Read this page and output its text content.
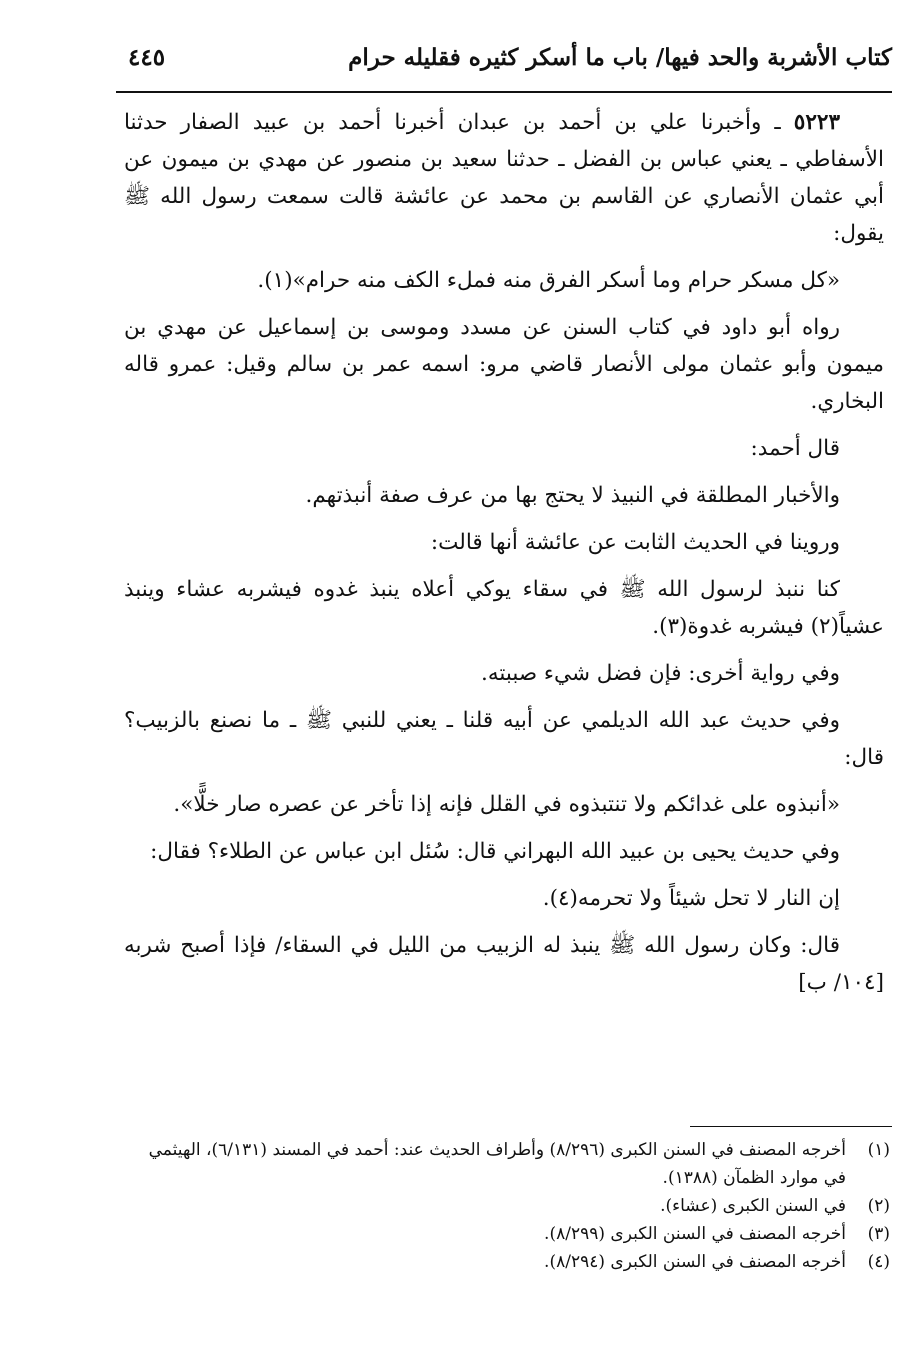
كتاب الأشربة والحد فيها/ باب ما أسكر كثيره فقليله حرام
٤٤٥

٥٢٢٣ ـ وأخبرنا علي بن أحمد بن عبدان أخبرنا أحمد بن عبيد الصفار حدثنا الأسفاطي ـ يعني عباس بن الفضل ـ حدثنا سعيد بن منصور عن مهدي بن ميمون عن أبي عثمان الأنصاري عن القاسم بن محمد عن عائشة قالت سمعت رسول الله ﷺ يقول:

«كل مسكر حرام وما أسكر الفرق منه فملء الكف منه حرام»(١).

رواه أبو داود في كتاب السنن عن مسدد وموسى بن إسماعيل عن مهدي بن ميمون وأبو عثمان مولى الأنصار قاضي مرو: اسمه عمر بن سالم وقيل: عمرو قاله البخاري.

قال أحمد:

والأخبار المطلقة في النبيذ لا يحتج بها من عرف صفة أنبذتهم.

وروينا في الحديث الثابت عن عائشة أنها قالت:

كنا ننبذ لرسول الله ﷺ في سقاء يوكي أعلاه ينبذ غدوه فيشربه عشاء وينبذ عشياً(٢) فيشربه غدوة(٣).

وفي رواية أخرى: فإن فضل شيء صببته.

وفي حديث عبد الله الديلمي عن أبيه قلنا ـ يعني للنبي ﷺ ـ ما نصنع بالزبيب؟ قال:

«أنبذوه على غدائكم ولا تنتبذوه في القلل فإنه إذا تأخر عن عصره صار خلًّا».

وفي حديث يحيى بن عبيد الله البهراني قال: سُئل ابن عباس عن الطلاء؟ فقال:

إن النار لا تحل شيئاً ولا تحرمه(٤).

قال: وكان رسول الله ﷺ ينبذ له الزبيب من الليل في السقاء/ فإذا أصبح شربه [١٠٤/ ب]

(١)
أخرجه المصنف في السنن الكبرى (٨/٢٩٦) وأطراف الحديث عند: أحمد في المسند (٦/١٣١)، الهيثمي في موارد الظمآن (١٣٨٨).

(٢)
في السنن الكبرى (عشاء).

(٣)
أخرجه المصنف في السنن الكبرى (٨/٢٩٩).

(٤)
أخرجه المصنف في السنن الكبرى (٨/٢٩٤).
